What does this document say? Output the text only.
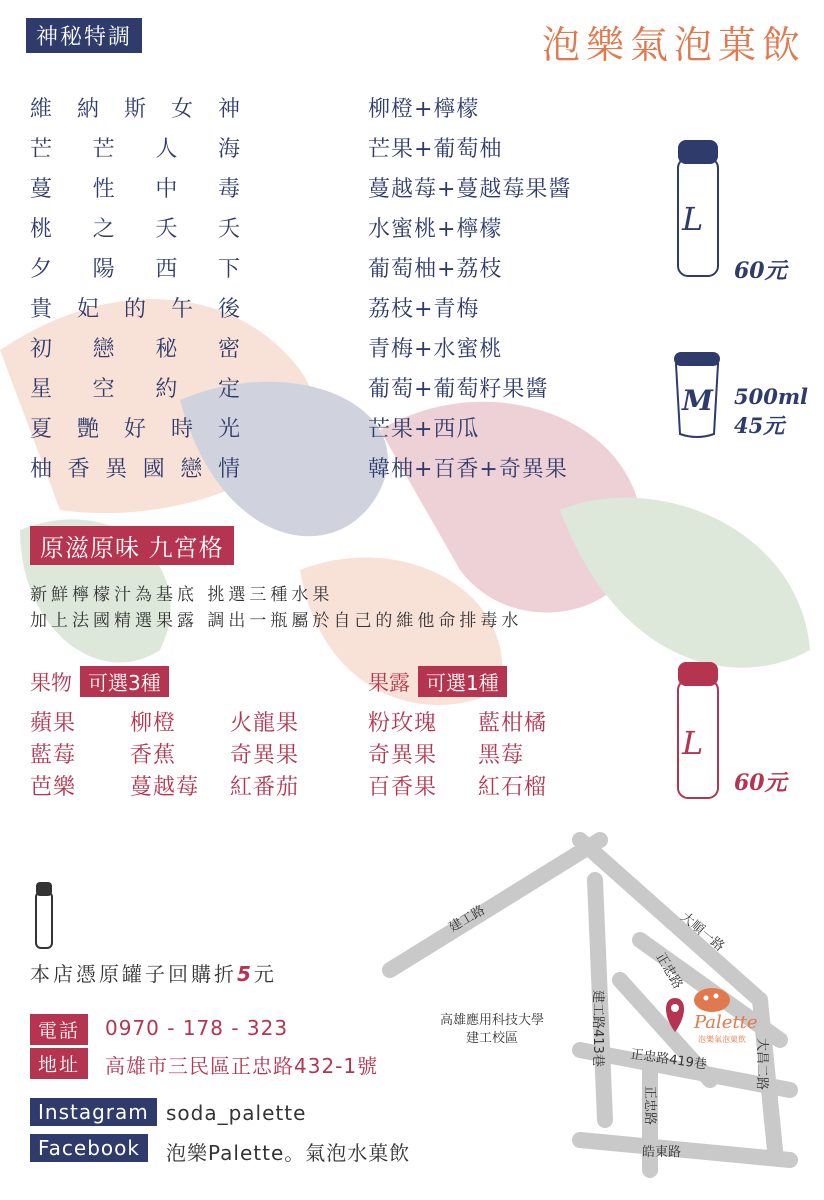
神秘特調	泡樂氣泡菓飲
維納斯女神	柳橙+檸檬
芒芒人海	芒果+葡萄柚
蔓性中毒	蔓越莓+蔓越莓果醬
桃之夭夭	水蜜桃+檸檬
夕陽西下	葡萄柚+荔枝
貴妃的午後	荔枝+青梅
初戀秘密	青梅+水蜜桃
星空約定	葡萄+葡萄籽果醬
夏艷好時光	芒果+西瓜
柚香異國戀情	韓柚+百香+奇異果
L
60元
M 500ml
45元
原滋原味 九宮格
新鮮檸檬汁為基底 挑選三種水果
加上法國精選果露 調出一瓶屬於自己的維他命排毒水
果物 可選3種	果露 可選1種
蘋果 柳橙 火龍果
藍莓 香蕉 奇異果
芭樂 蔓越莓 紅番茄
粉玫瑰 藍柑橘
奇異果 黑莓
百香果 紅石榴
L
60元
本店憑原罐子回購折5元
電話	0970 - 178 - 323
地址	高雄市三民區正忠路432-1號
Instagram soda_palette
Facebook	泡樂Palette。氣泡水菓飲
建工路	大順一路
正忠路
建工路413巷 正忠路419巷
正忠路
大昌二路
皓東路
高雄應用科技大學
建工校區
Palette
泡樂氣泡菓飲
